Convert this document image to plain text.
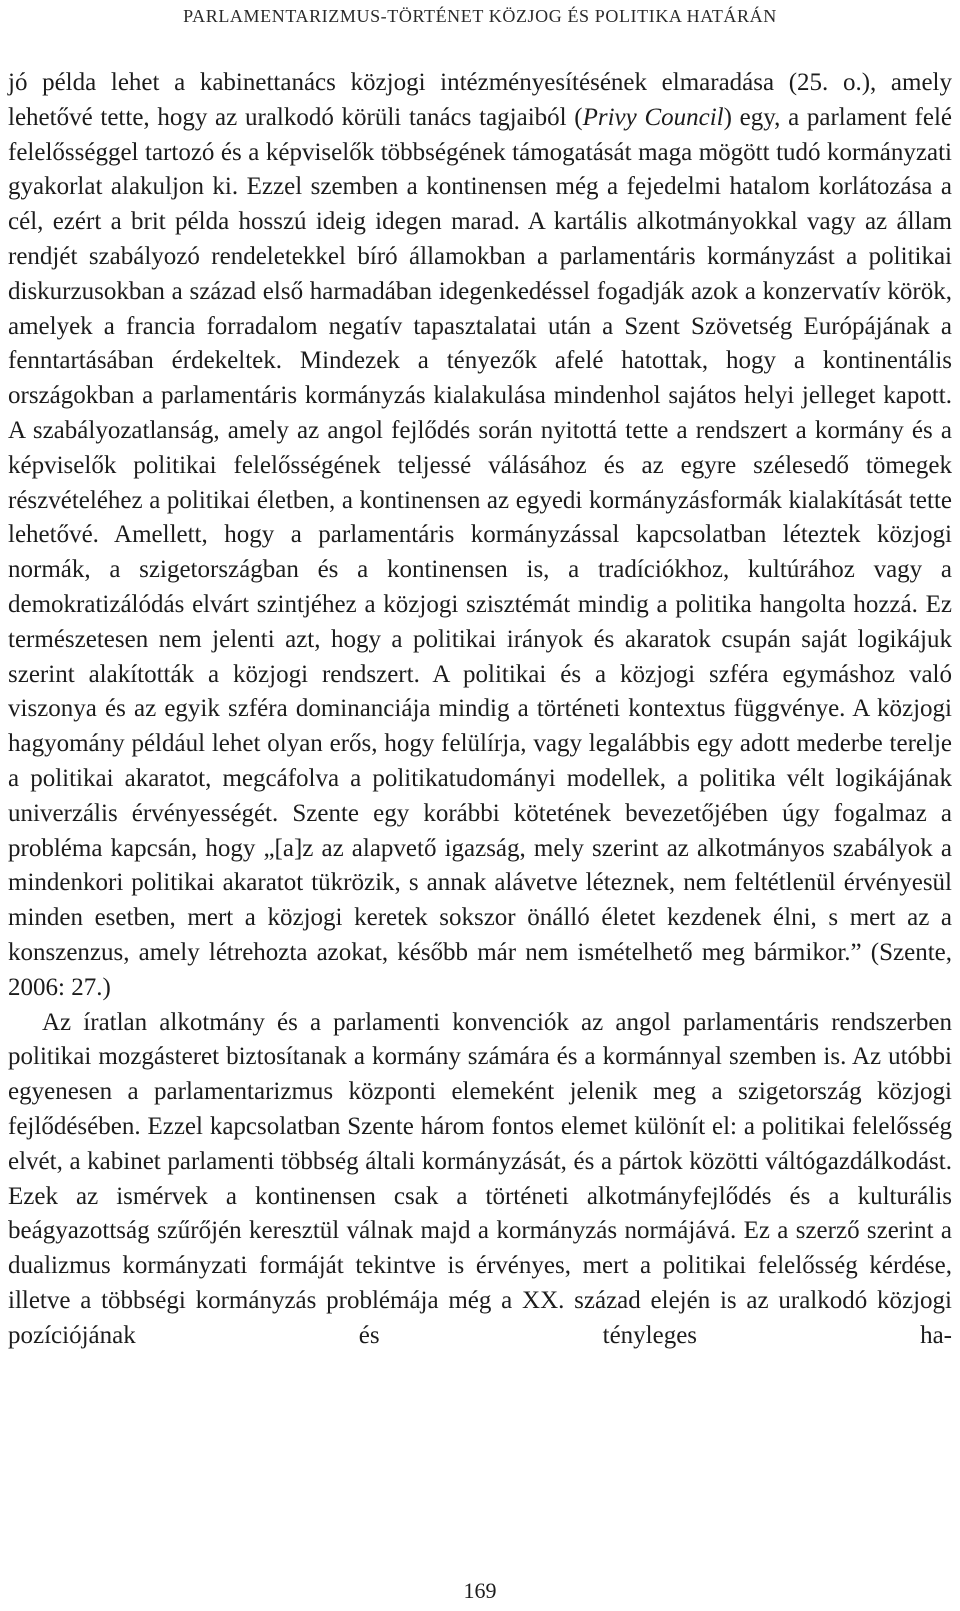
PARLAMENTARIZMUS-TÖRTÉNET KÖZJOG ÉS POLITIKA HATÁRÁN

jó példa lehet a kabinettanács közjogi intézményesítésének elmaradása (25. o.), amely lehetővé tette, hogy az uralkodó körüli tanács tagjaiból (Privy Council) egy, a parlament felé felelősséggel tartozó és a képviselők többségének támogatását maga mögött tudó kormányzati gyakorlat alakuljon ki. Ezzel szemben a kontinensen még a fejedelmi hatalom korlátozása a cél, ezért a brit példa hosszú ideig idegen marad. A kartális alkotmányokkal vagy az állam rendjét szabályozó rendeletekkel bíró államokban a parlamentáris kormányzást a politikai diskurzusokban a század első harmadában idegenkedéssel fogadják azok a konzervatív körök, amelyek a francia forradalom negatív tapasztalatai után a Szent Szövetség Európájának a fenntartásában érdekeltek. Mindezek a tényezők afelé hatottak, hogy a kontinentális országokban a parlamentáris kormányzás kialakulása mindenhol sajátos helyi jelleget kapott. A szabályozatlanság, amely az angol fejlődés során nyitottá tette a rendszert a kormány és a képviselők politikai felelősségének teljessé válásához és az egyre szélesedő tömegek részvételéhez a politikai életben, a kontinensen az egyedi kormányzásformák kialakítását tette lehetővé. Amellett, hogy a parlamentáris kormányzással kapcsolatban léteztek közjogi normák, a szigetországban és a kontinensen is, a tradíciókhoz, kultúrához vagy a demokratizálódás elvárt szintjéhez a közjogi szisztémát mindig a politika hangolta hozzá. Ez természetesen nem jelenti azt, hogy a politikai irányok és akaratok csupán saját logikájuk szerint alakították a közjogi rendszert. A politikai és a közjogi szféra egymáshoz való viszonya és az egyik szféra dominanciája mindig a történeti kontextus függvénye. A közjogi hagyomány például lehet olyan erős, hogy felülírja, vagy legalábbis egy adott mederbe terelje a politikai akaratot, megcáfolva a politikatudományi modellek, a politika vélt logikájának univerzális érvényességét. Szente egy korábbi kötetének bevezetőjében úgy fogalmaz a probléma kapcsán, hogy „[a]z az alapvető igazság, mely szerint az alkotmányos szabályok a mindenkori politikai akaratot tükrözik, s annak alávetve léteznek, nem feltétlenül érvényesül minden esetben, mert a közjogi keretek sokszor önálló életet kezdenek élni, s mert az a konszenzus, amely létrehozta azokat, később már nem ismételhető meg bármikor.” (Szente, 2006: 27.)

Az íratlan alkotmány és a parlamenti konvenciók az angol parlamentáris rendszerben politikai mozgásteret biztosítanak a kormány számára és a kormánnyal szemben is. Az utóbbi egyenesen a parlamentarizmus központi elemeként jelenik meg a szigetország közjogi fejlődésében. Ezzel kapcsolatban Szente három fontos elemet különít el: a politikai felelősség elvét, a kabinet parlamenti többség általi kormányzását, és a pártok közötti váltógazdálkodást. Ezek az ismérvek a kontinensen csak a történeti alkotmányfejlődés és a kulturális beágyazottság szűrőjén keresztül válnak majd a kormányzás normájává. Ez a szerző szerint a dualizmus kormányzati formáját tekintve is érvényes, mert a politikai felelősség kérdése, illetve a többségi kormányzás problémája még a XX. század elején is az uralkodó közjogi pozíciójának és tényleges ha-

169
